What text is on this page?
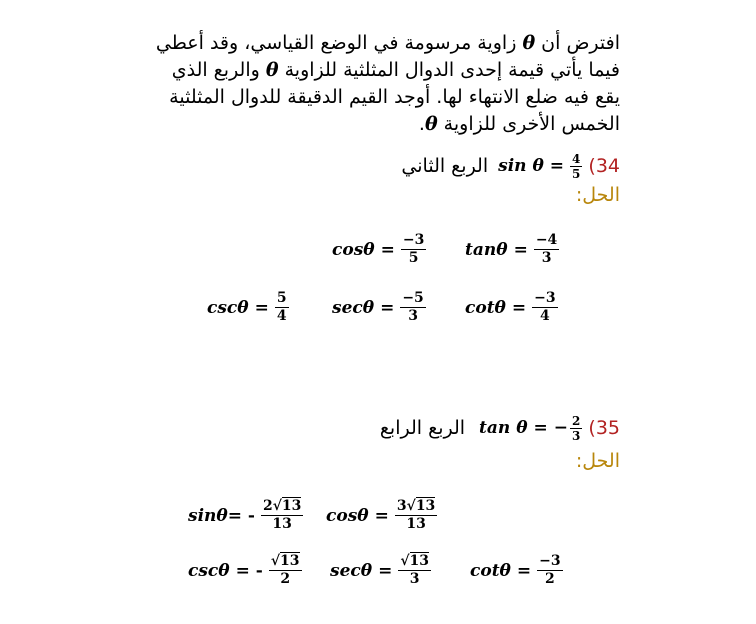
افترض أن θ زاوية مرسومة في الوضع القياسي، وقد أعطي
فيما يأتي قيمة إحدى الدوال المثلثية للزاوية θ والربع الذي
يقع فيه ضلع الانتهاء لها. أوجد القيم الدقيقة للدوال المثلثية
الخمس الأخرى للزاوية θ.
الربع الثاني $\sin \theta = \frac{4}{5} (34$
الحل:
$\cos\theta = \frac{-3}{5}$ $\tan\theta = \frac{-4}{3}$
$\csc\theta = \frac{5}{4}$	$\sec\theta = \frac{-5}{3}$ $\cot\theta = \frac{-3}{4}$
الربع الرابع tan θ = − $\frac{2}{3} (35$
الحل:
sinθ = - $\frac{2√13}{13}$ $\cos\theta = \frac{3√13}{13}$
cscθ = - $\frac{√13}{2}$ $\sec\theta = \frac{√13}{3}$ $\cot\theta = \frac{-3}{2}$
